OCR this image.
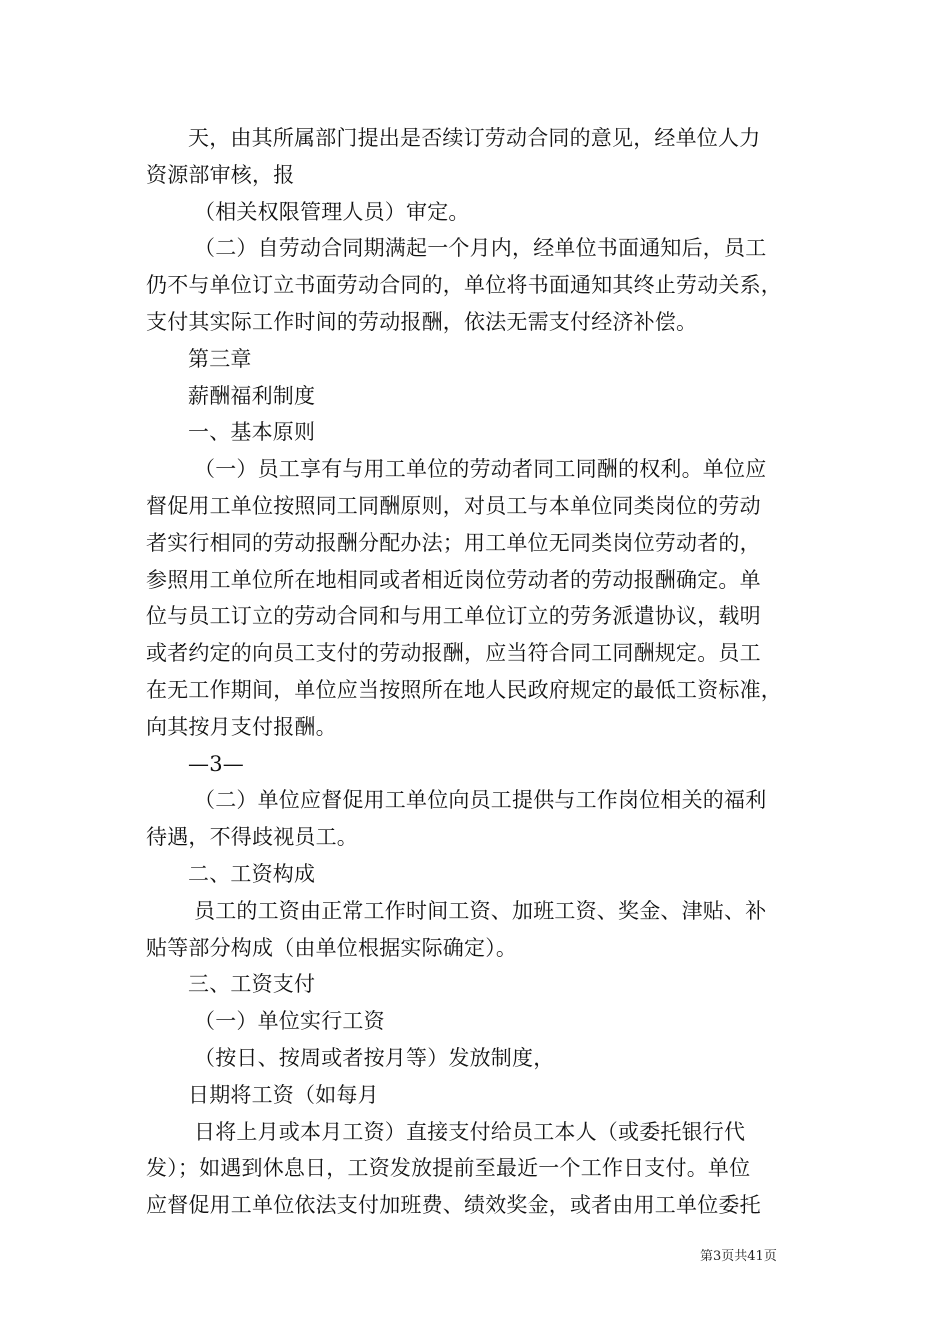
天，由其所属部门提出是否续订劳动合同的意见，经单位人力
资源部审核，报
（相关权限管理人员）审定。
（二）自劳动合同期满起一个月内，经单位书面通知后，员工
仍不与单位订立书面劳动合同的，单位将书面通知其终止劳动关系，
支付其实际工作时间的劳动报酬，依法无需支付经济补偿。
第三章
薪酬福利制度
一、基本原则
（一）员工享有与用工单位的劳动者同工同酬的权利。单位应
督促用工单位按照同工同酬原则，对员工与本单位同类岗位的劳动
者实行相同的劳动报酬分配办法；用工单位无同类岗位劳动者的，
参照用工单位所在地相同或者相近岗位劳动者的劳动报酬确定。单
位与员工订立的劳动合同和与用工单位订立的劳务派遣协议，载明
或者约定的向员工支付的劳动报酬，应当符合同工同酬规定。员工
在无工作期间，单位应当按照所在地人民政府规定的最低工资标准，
向其按月支付报酬。
—3—
（二）单位应督促用工单位向员工提供与工作岗位相关的福利
待遇，不得歧视员工。
二、工资构成
员工的工资由正常工作时间工资、加班工资、奖金、津贴、补
贴等部分构成（由单位根据实际确定）。
三、工资支付
（一）单位实行工资
（按日、按周或者按月等）发放制度，
日期将工资（如每月
日将上月或本月工资）直接支付给员工本人（或委托银行代
发）；如遇到休息日，工资发放提前至最近一个工作日支付。单位
应督促用工单位依法支付加班费、绩效奖金，或者由用工单位委托
第3页共41页
